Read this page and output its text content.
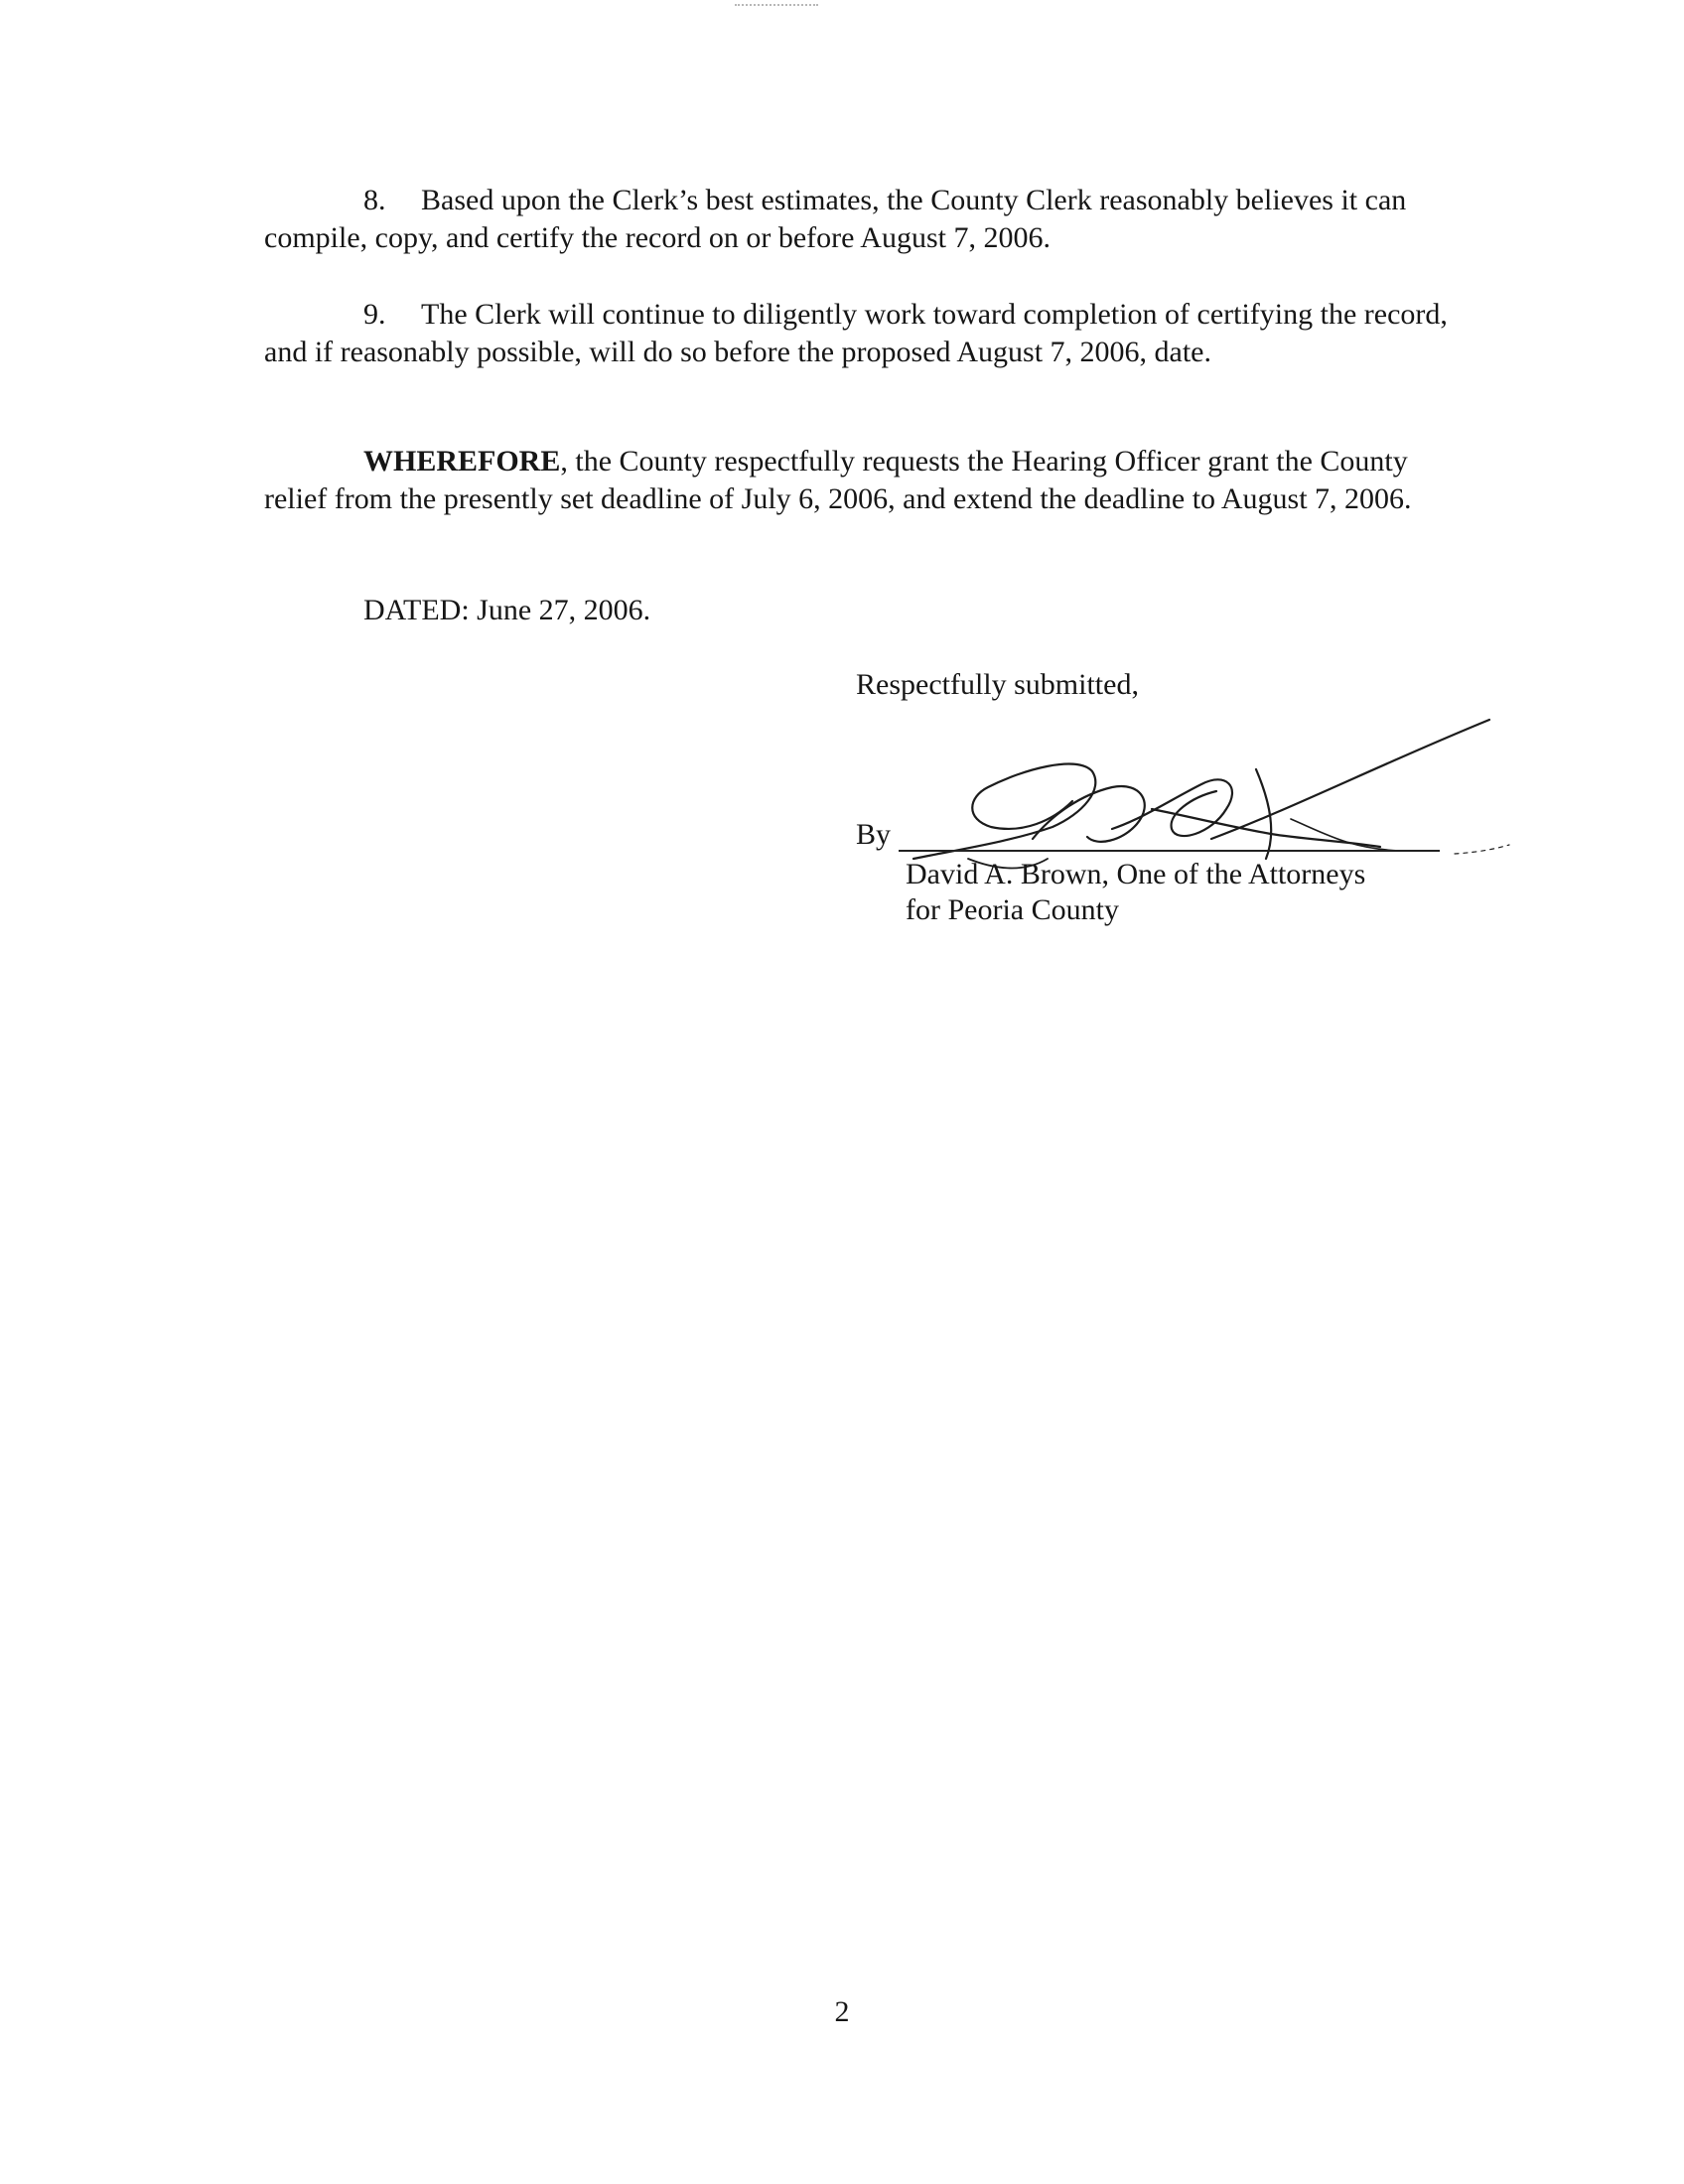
8. Based upon the Clerk’s best estimates, the County Clerk reasonably believes it can compile, copy, and certify the record on or before August 7, 2006.

9. The Clerk will continue to diligently work toward completion of certifying the record, and if reasonably possible, will do so before the proposed August 7, 2006, date.

WHEREFORE, the County respectfully requests the Hearing Officer grant the County relief from the presently set deadline of July 6, 2006, and extend the deadline to August 7, 2006.

DATED: June 27, 2006.
Respectfully submitted,
By
David A. Brown, One of the Attorneys
for Peoria County
2
